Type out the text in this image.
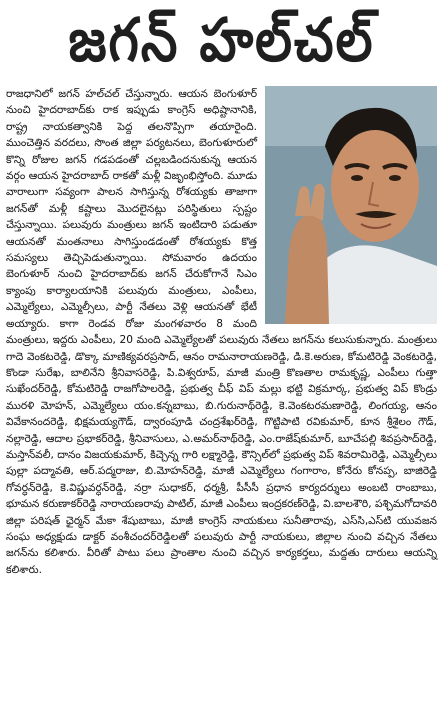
జగన్ హల్‌చల్

రాజధానిలో జగన్ హల్‌చల్ చేస్తున్నారు. ఆయన బెంగుళూర్ నుంచి హైదరాబాద్‌కు రాక ఇప్పుడు కాంగ్రెస్ అధిష్టానానికి, రాష్ట్ర నాయకత్వానికి పెద్ద తలనొప్పిగా తయారైంది. ముంచెత్తిన వరదలు, సొంత జిల్లా పర్యటనలు, బెంగుళూరులో కొన్ని రోజుల జగన్ గడపడంతో చల్లబడిందనుకున్న ఆయన వర్గం ఆయన హైదరాబాద్ రాకతో మళ్లీ విజృంభిస్తోంది. మూడు వారాలుగా సవ్యంగా పాలన సాగిస్తున్న రోశయ్యకు తాజాగా జగన్‌తో మళ్లీ కష్టాలు మొదలైనట్లు పరిస్థితులు స్పష్టం చేస్తున్నాయి. పలువురు మంత్రులు జగన్ ఇంటిదారి పడుతూ ఆయనతో మంతనాలు సాగిస్తుండడంతో రోశయ్యకు కొత్త సమస్యలు తెచ్చిపెడుతున్నాయి. సోమవారం ఉదయం బెంగుళూర్ నుంచి హైదరాబాద్‌కు జగన్ చేరుకోగానే సిఎం క్యాంపు కార్యాలయానికి పలువురు మంత్రులు, ఎంపీలు, ఎమ్మెల్యేలు, ఎమ్మెల్సీలు, పార్టీ నేతలు వెళ్లి ఆయనతో భేటీ అయ్యారు. కాగా రెండవ రోజు మంగళవారం 8 మంది మంత్రులు, ఇద్దరు ఎంపీలు, 20 మంది ఎమ్మెల్యేలతో పలువురు నేతలు జగన్‌ను కలుసుకున్నారు. మంత్రులు గాదె వెంకటరెడ్డి, డొక్కా మాణిక్యవరప్రసాద్, ఆనం రామనారాయణరెడ్డి, డి.కె.అరుణ, కోమటిరెడ్డి వెంకటరెడ్డి, కొండా సురేఖ, బాలినేని శ్రీనివాసరెడ్డి, పి.విశ్వరూప్, మాజీ మంత్రి కొణతాల రామకృష్ణ, ఎంపీలు గుత్తా సుఖేందర్‌రెడ్డి, కోమటిరెడ్డి రాజగోపాలరెడ్డి, ప్రభుత్వ చీఫ్ విప్ మల్లు భట్టి విక్రమార్క, ప్రభుత్వ విప్ కొండ్రు మురళి మోహన్, ఎమ్మెల్యేలు యం.కన్నబాబు, బి.గురునాథ్‌రెడ్డి, కె.వెంకటరమణారెడ్డి, లింగయ్య, ఆనం వివేకానందరెడ్డి, భిక్షమయ్యగౌడ్, ద్వారంపూడి చంద్రశేఖర్‌రెడ్డి, గొట్టిపాటి రవికుమార్, కూన శ్రీశైలం గౌడ్, నల్లారెడ్డి, ఆదాల ప్రభాకర్‌రెడ్డి, శ్రీనివాసులు, ఎ.అమర్‌నాథ్‌రెడ్డి, ఎం.రాజేష్‌కుమార్, బూచేపల్లి శివప్రసాద్‌రెడ్డి, మస్తాన్‌వలీ, దానం విజయకుమార్, కిచ్చెన్న గారి లక్ష్మారెడ్డి, కౌన్సిల్‌లో ప్రభుత్వ విప్ శివరామిరెడ్డి, ఎమ్మెల్సీలు పుల్లా పద్మావతి, ఆర్.పద్మరాజు, బి.మోహన్‌రెడ్డి, మాజీ ఎమ్మెల్యేలు గంగారాం, కోనేరు కోనప్ప, బాజిరెడ్డి గోవర్ధన్‌రెడ్డి, కె.విష్ణువర్ధన్‌రెడ్డి, నర్రా సుధాకర్, ధర్మశ్రీ, పీసీసీ ప్రధాన కార్యదర్శులు అంబటి రాంబాబు, భూమన కరుణాకర్‌రెడ్డి నారాయణరావు పాటిల్, మాజీ ఎంపీలు ఇంద్రకరణ్‌రెడ్డి, వి.బాలశౌరి, పశ్చిమగోదావరి జిల్లా పరిషత్ ఛైర్మన్ మేకా శేషుబాబు, మాజీ కాంగ్రెస్ నాయకులు సునీతారావు, ఎస్‌సి,ఎస్‌టి యువజన సంఘ అధ్యక్షుడు డాక్టర్ వంశీచందర్‌రెడ్డిలతో పలువురు పార్టీ నాయకులు, జిల్లాల నుంచి వచ్చిన నేతలు జగన్‌ను కలిశారు. వీరితో పాటు పలు ప్రాంతాల నుంచి వచ్చిన కార్యకర్తలు, మద్దతు దారులు ఆయన్ని కలిశారు.
